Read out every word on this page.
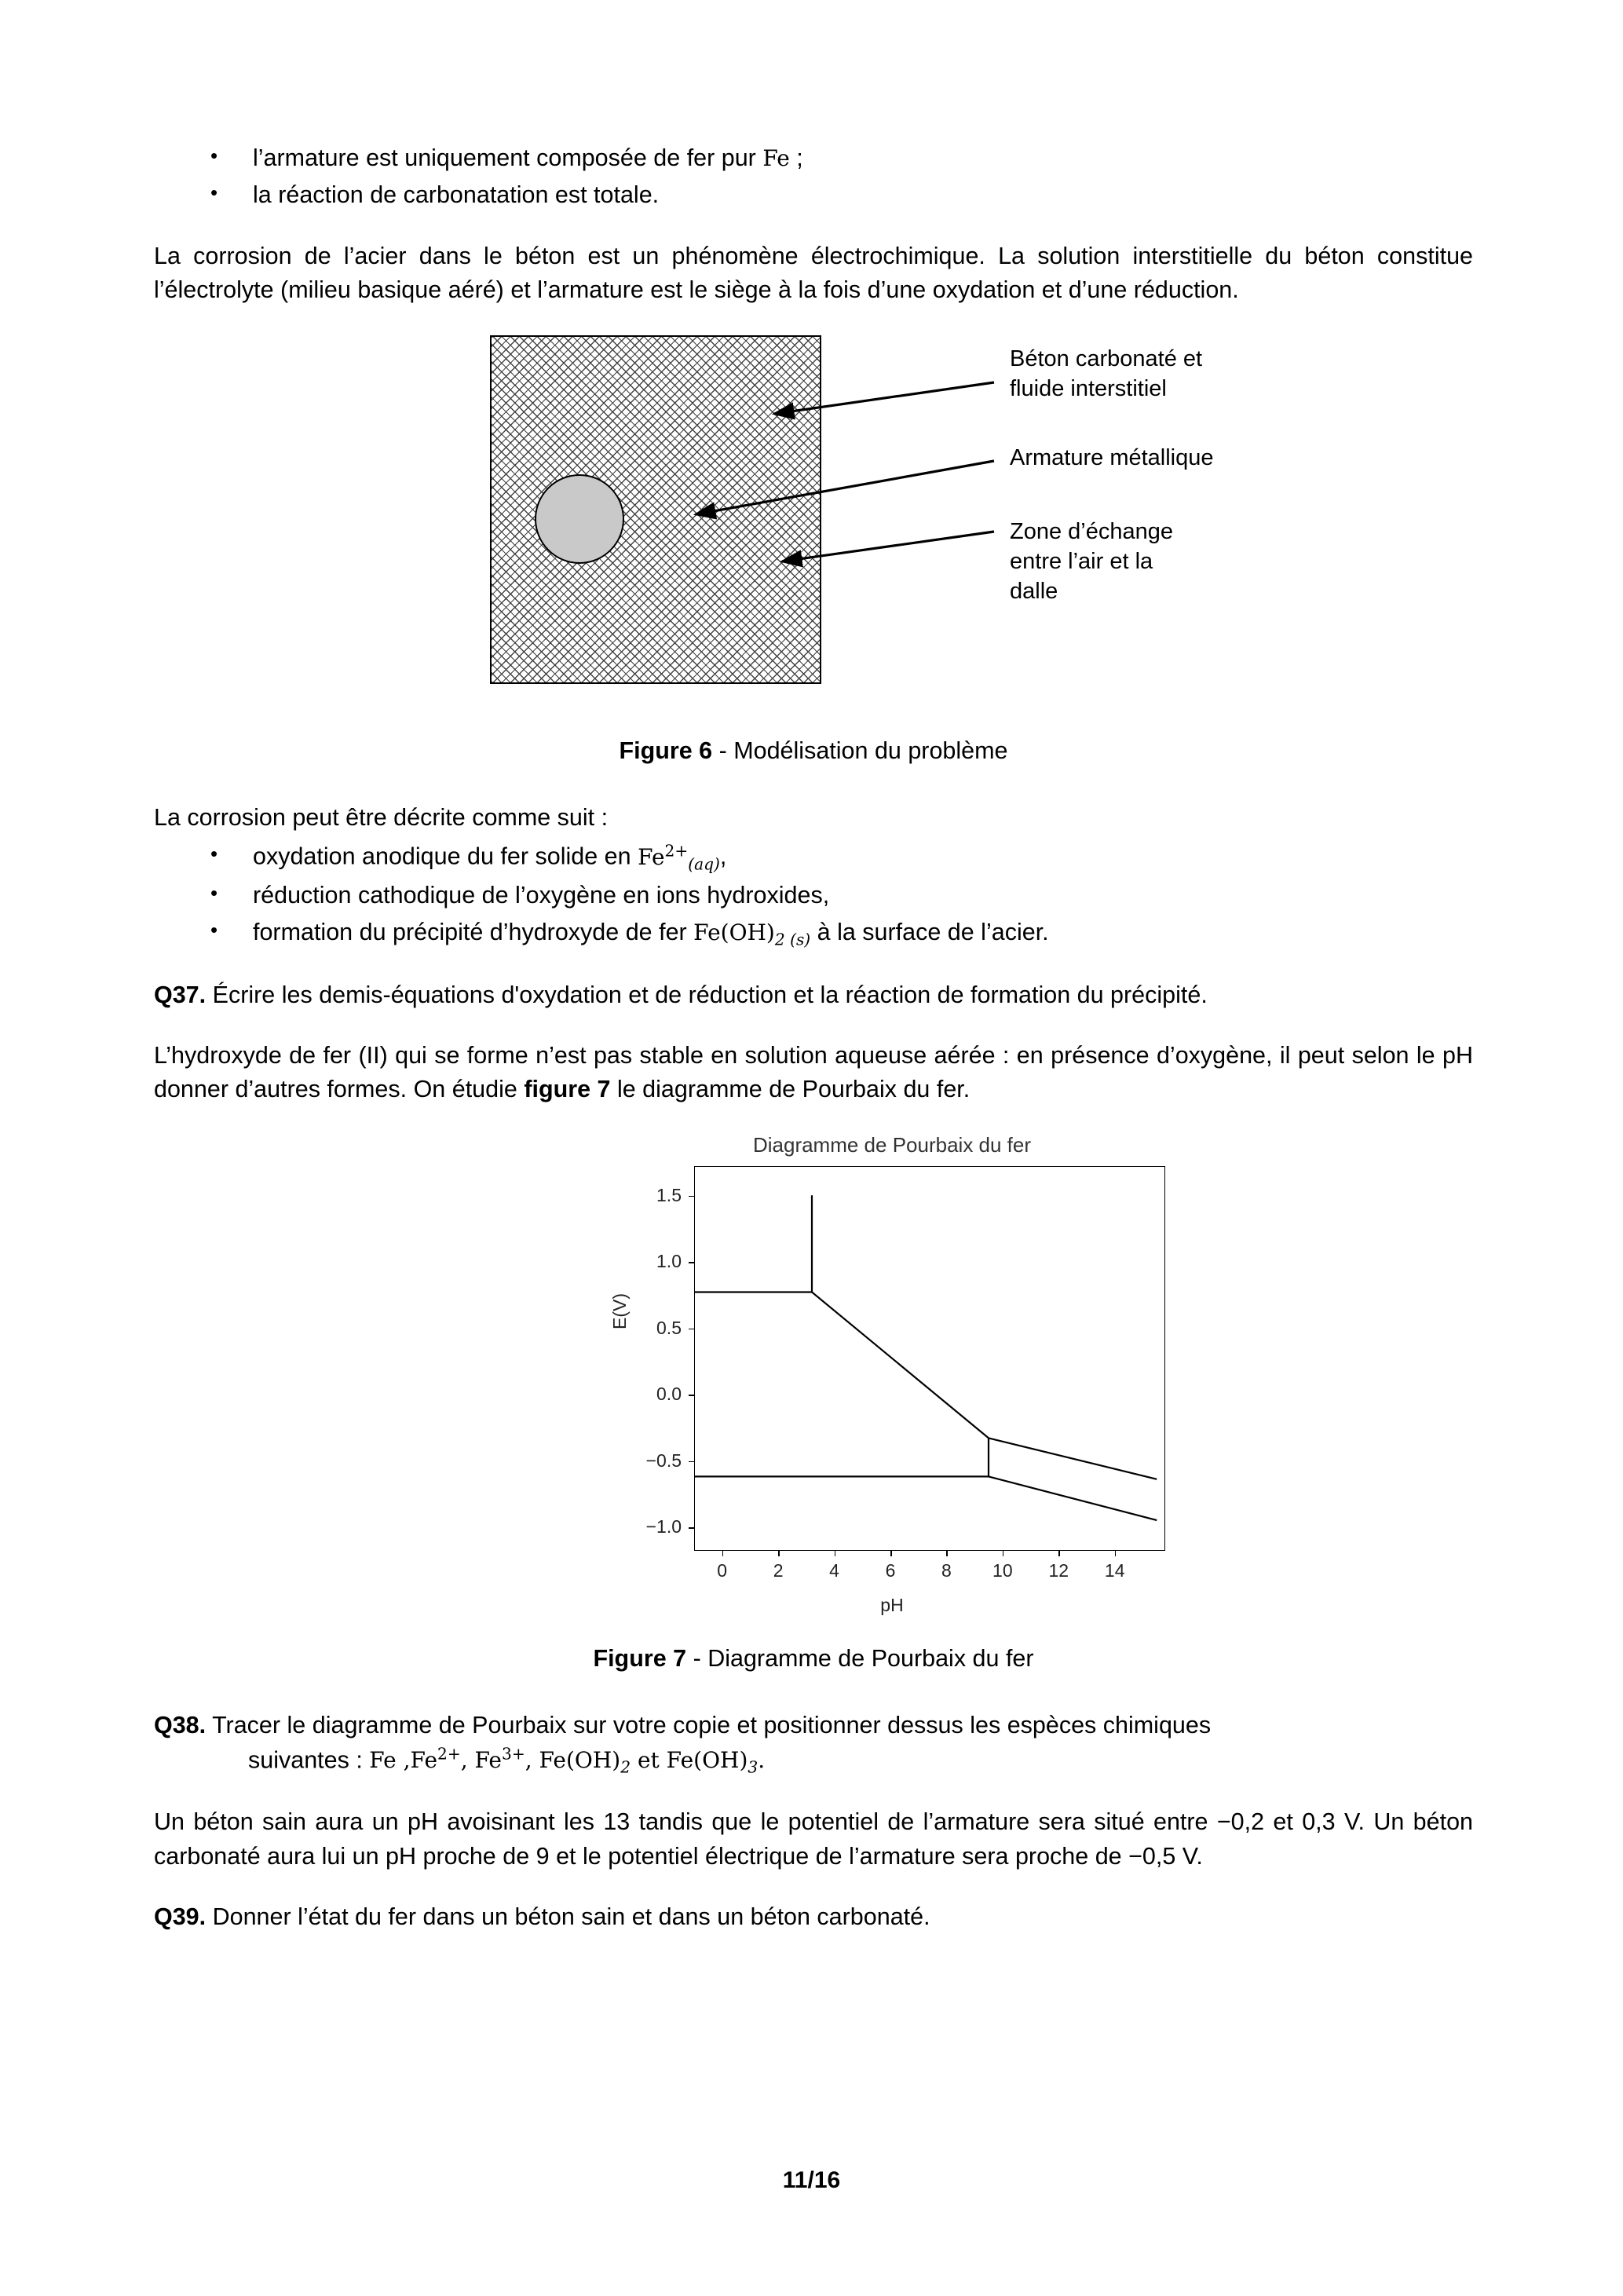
• l’armature est uniquement composée de fer pur Fe ;
• la réaction de carbonatation est totale.

La corrosion de l’acier dans le béton est un phénomène électrochimique. La solution interstitielle du béton constitue l’électrolyte (milieu basique aéré) et l’armature est le siège à la fois d’une oxydation et d’une réduction.

Béton carbonaté et
fluide interstitiel
Armature métallique
Zone d’échange
entre l’air et la
dalle
Figure 6 - Modélisation du problème

La corrosion peut être décrite comme suit :

• oxydation anodique du fer solide en $Fe^{2+}_{(aq)}$,
• réduction cathodique de l’oxygène en ions hydroxides,
• formation du précipité d’hydroxyde de fer $Fe(OH)_{2 (s)}$ à la surface de l’acier.
Q37. Écrire les demis-équations d'oxydation et de réduction et la réaction de formation du précipité.

L’hydroxyde de fer (II) qui se forme n’est pas stable en solution aqueuse aérée : en présence d’oxygène, il peut selon le pH donner d’autres formes. On étudie figure 7 le diagramme de Pourbaix du fer.

Diagramme de Pourbaix du fer
E(V)
pH
−1.0
−0.5
0.0
0.5
1.0
1.5
0	2	4	6	8	10	12	14
Figure 7 - Diagramme de Pourbaix du fer
Q38. Tracer le diagramme de Pourbaix sur votre copie et positionner dessus les espèces chimiques
suivantes : Fe $,Fe^{2+}$, $Fe^{3+}$, $Fe(OH)_2$ et $Fe(OH)_3$.

Un béton sain aura un pH avoisinant les 13 tandis que le potentiel de l’armature sera situé entre −0,2 et 0,3 V. Un béton carbonaté aura lui un pH proche de 9 et le potentiel électrique de l’armature sera proche de −0,5 V.

Q39. Donner l’état du fer dans un béton sain et dans un béton carbonaté.
11/16
